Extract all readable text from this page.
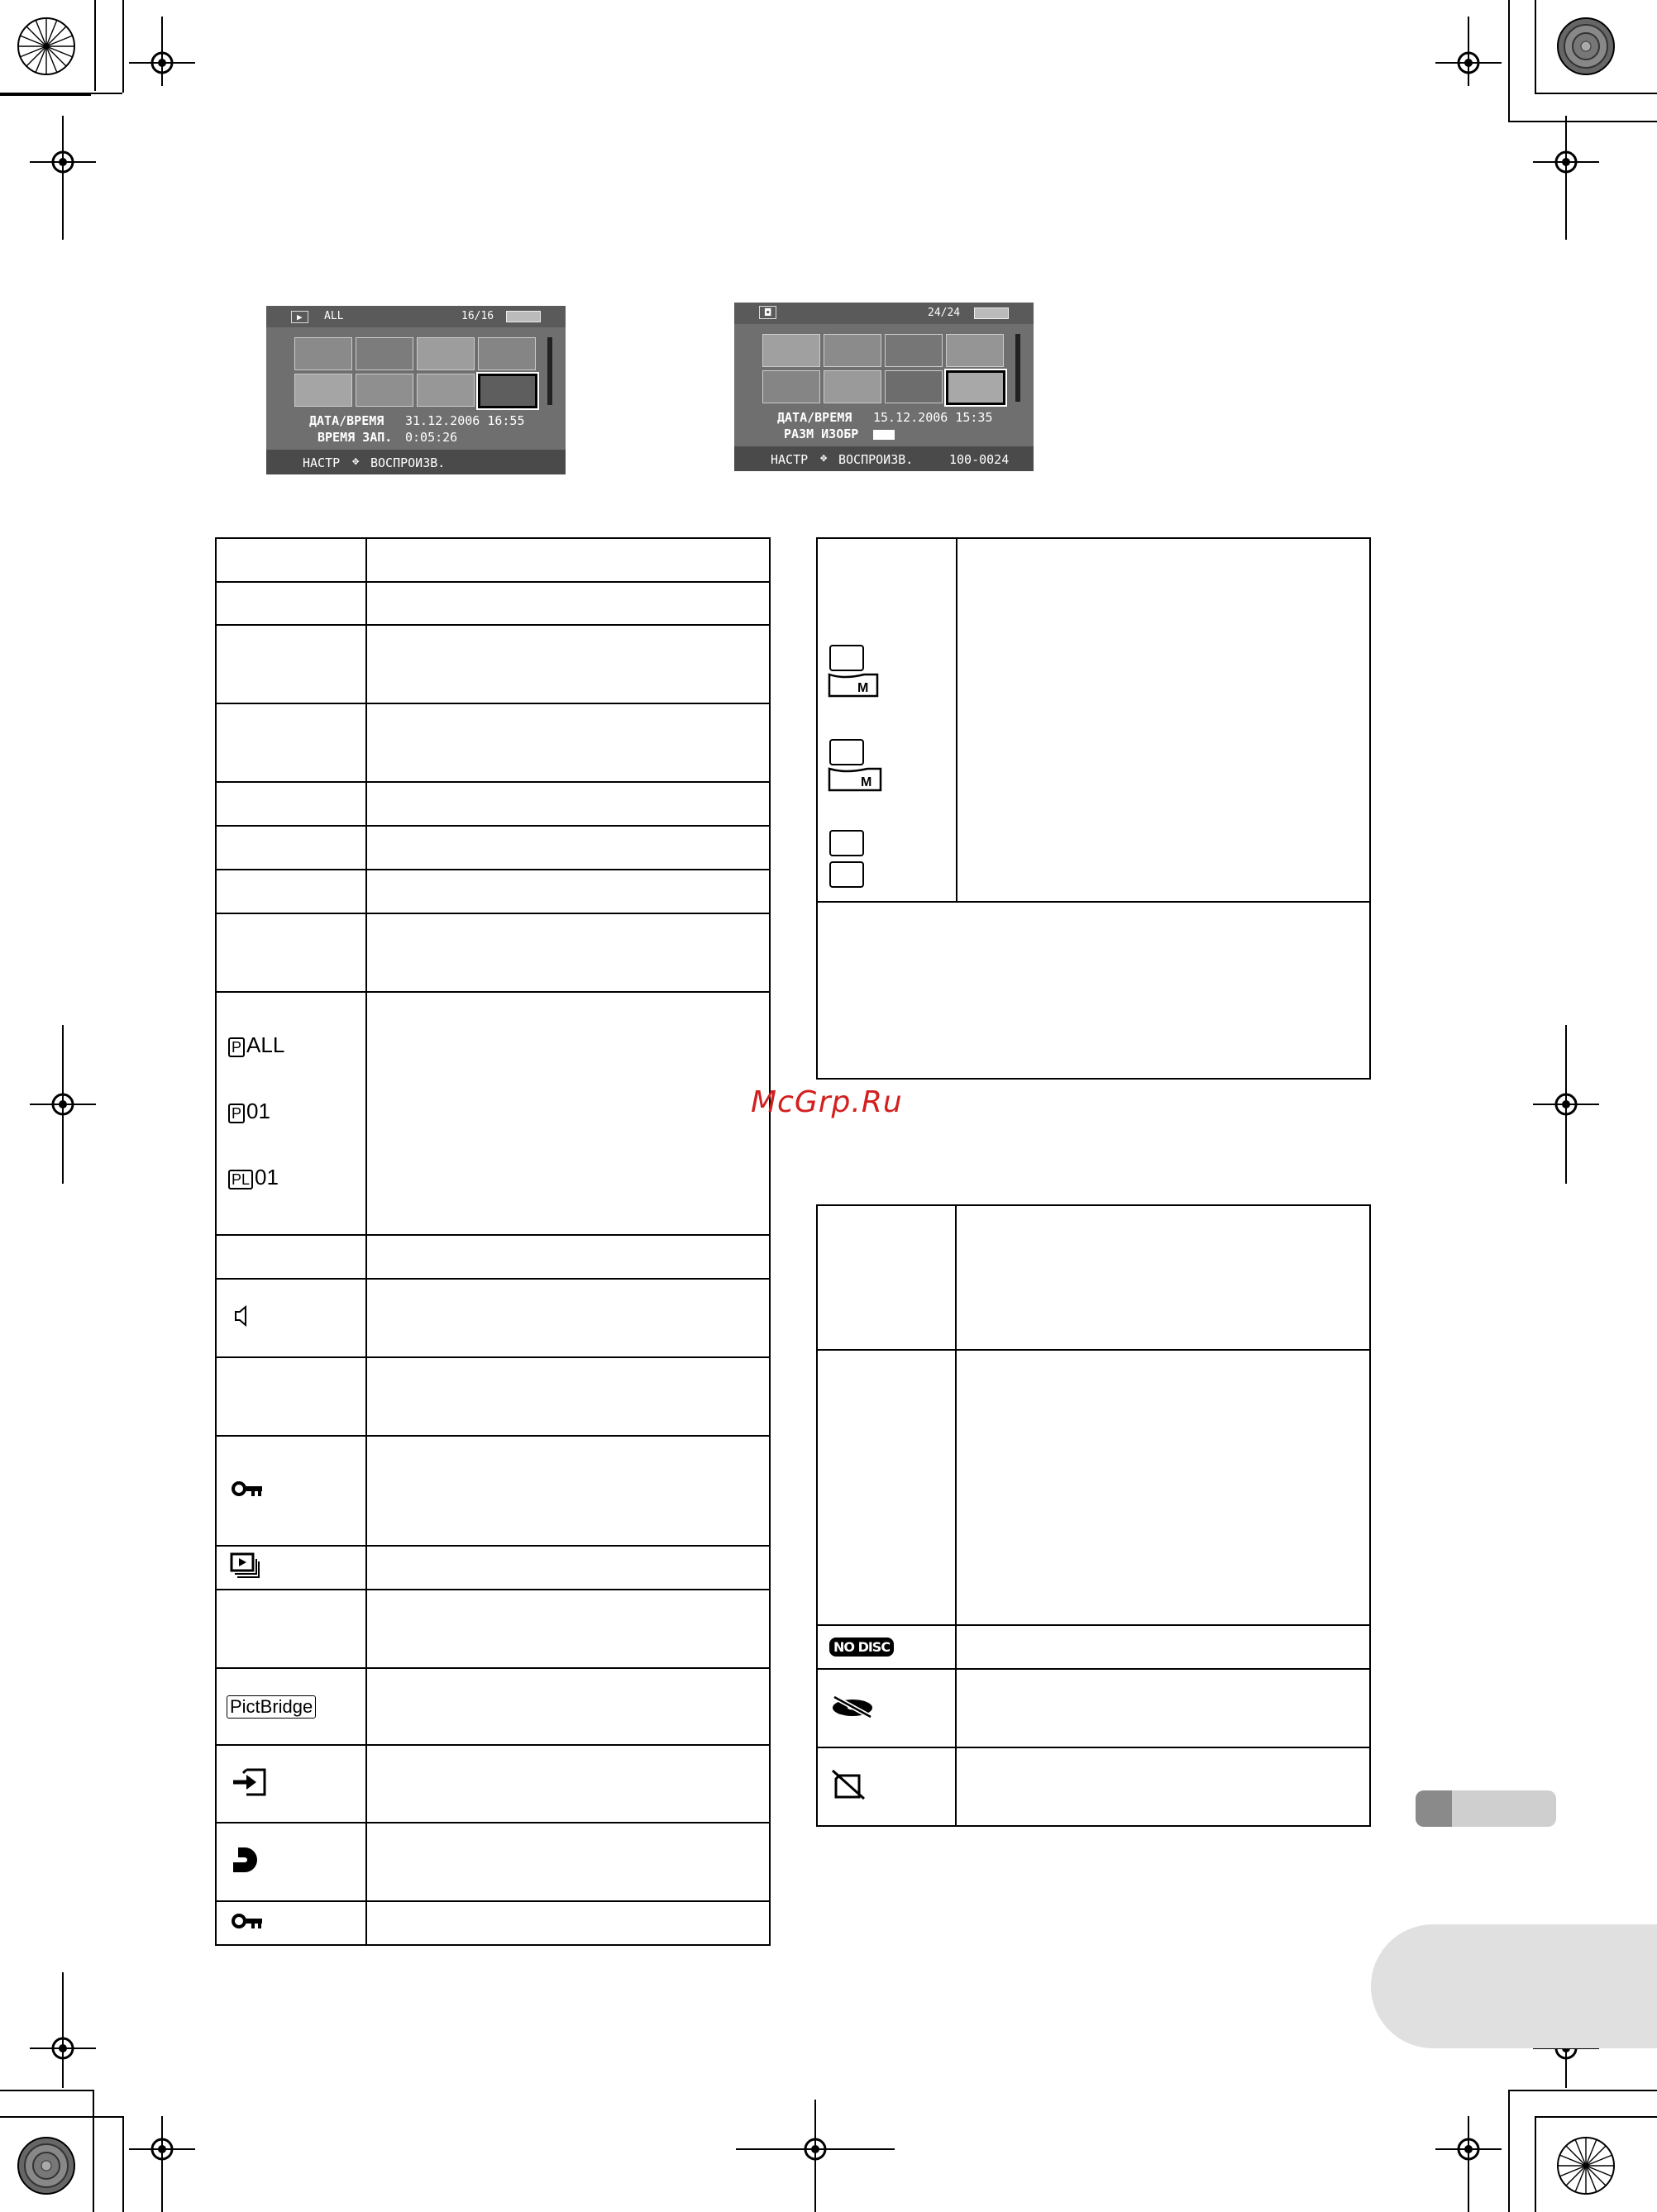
▶	ALL	16/16
ДАТА/ВРЕМЯ 31.12.2006 16:55
ВРЕМЯ ЗАП. 0:05:26
НАСТР ✥ ВОСПРОИЗВ.
◘	24/24
ДАТА/ВРЕМЯ 15.12.2006 15:35
РАЗМ ИЗОБР
НАСТР ✥ ВОСПРОИЗВ.	100-0024

P ALL
P 01
PL 01	

PictBridge	

M
M

McGrp.Ru

NO DISC	
